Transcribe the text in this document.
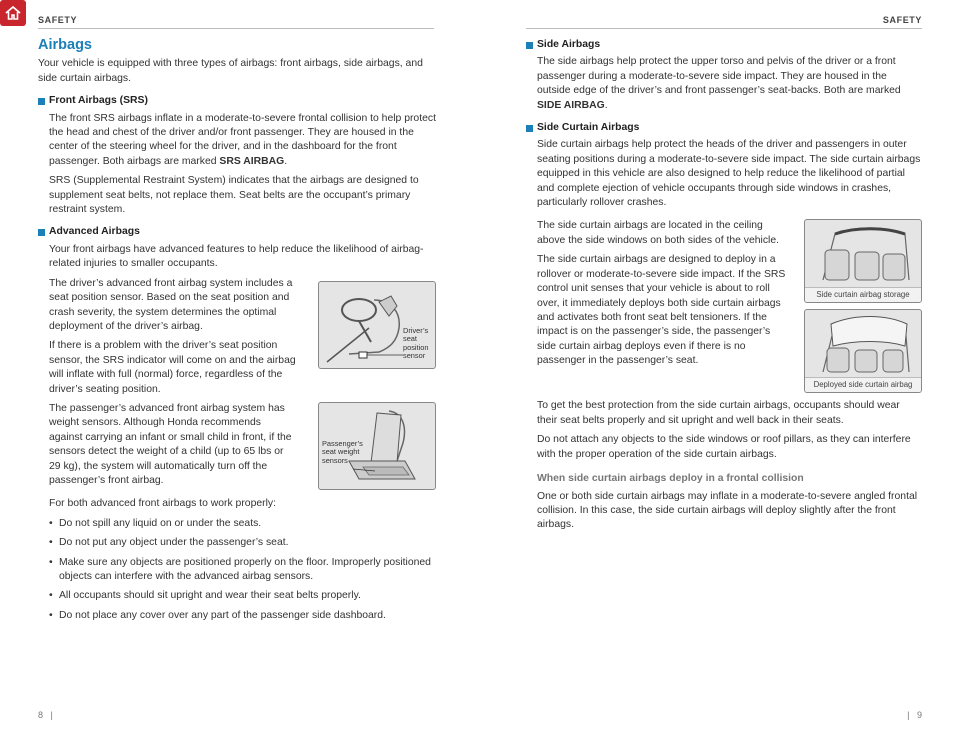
SAFETY	SAFETY
Airbags

Your vehicle is equipped with three types of airbags: front airbags, side airbags, and side curtain airbags.

Front Airbags (SRS)

The front SRS airbags inflate in a moderate-to-severe frontal collision to help protect the head and chest of the driver and/or front passenger. They are housed in the center of the steering wheel for the driver, and in the dashboard for the front passenger. Both airbags are marked SRS AIRBAG.

SRS (Supplemental Restraint System) indicates that the airbags are designed to supplement seat belts, not replace them. Seat belts are the occupant’s primary restraint system.

Advanced Airbags

Your front airbags have advanced features to help reduce the likelihood of airbag-related injuries to smaller occupants.

The driver’s advanced front airbag system includes a seat position sensor. Based on the seat position and crash severity, the system determines the optimal deployment of the driver’s airbag.

If there is a problem with the driver’s seat position sensor, the SRS indicator will come on and the airbag will inflate with full (normal) force, regardless of the driver’s seating position.

Driver’s seat position sensor

The passenger’s advanced front airbag system has weight sensors. Although Honda recommends against carrying an infant or small child in front, if the sensors detect the weight of a child (up to 65 lbs or 29 kg), the system will automatically turn off the passenger’s front airbag.

Passenger’s seat weight sensors

For both advanced front airbags to work properly:

• Do not spill any liquid on or under the seats.
• Do not put any object under the passenger’s seat.
• Make sure any objects are positioned properly on the floor. Improperly positioned objects can interfere with the advanced airbag sensors.
• All occupants should sit upright and wear their seat belts properly.
• Do not place any cover over any part of the passenger side dashboard.
Side Airbags

The side airbags help protect the upper torso and pelvis of the driver or a front passenger during a moderate-to-severe side impact. They are housed in the outside edge of the driver’s and front passenger’s seat-backs. Both are marked SIDE AIRBAG.

Side Curtain Airbags

Side curtain airbags help protect the heads of the driver and passengers in outer seating positions during a moderate-to-severe side impact. The side curtain airbags equipped in this vehicle are also designed to help reduce the likelihood of partial and complete ejection of vehicle occupants through side windows in crashes, particularly rollover crashes.

The side curtain airbags are located in the ceiling above the side windows on both sides of the vehicle.

The side curtain airbags are designed to deploy in a rollover or moderate-to-severe side impact. If the SRS control unit senses that your vehicle is about to roll over, it immediately deploys both side curtain airbags and activates both front seat belt tensioners. If the impact is on the passenger’s side, the passenger’s side curtain airbag deploys even if there is no passenger in the passenger’s seat.

Side curtain airbag storage
Deployed side curtain airbag

To get the best protection from the side curtain airbags, occupants should wear their seat belts properly and sit upright and well back in their seats.

Do not attach any objects to the side windows or roof pillars, as they can interfere with the proper operation of the side curtain airbags.

When side curtain airbags deploy in a frontal collision

One or both side curtain airbags may inflate in a moderate-to-severe angled frontal collision. In this case, the side curtain airbags will deploy slightly after the front airbags.

8 |	| 9
